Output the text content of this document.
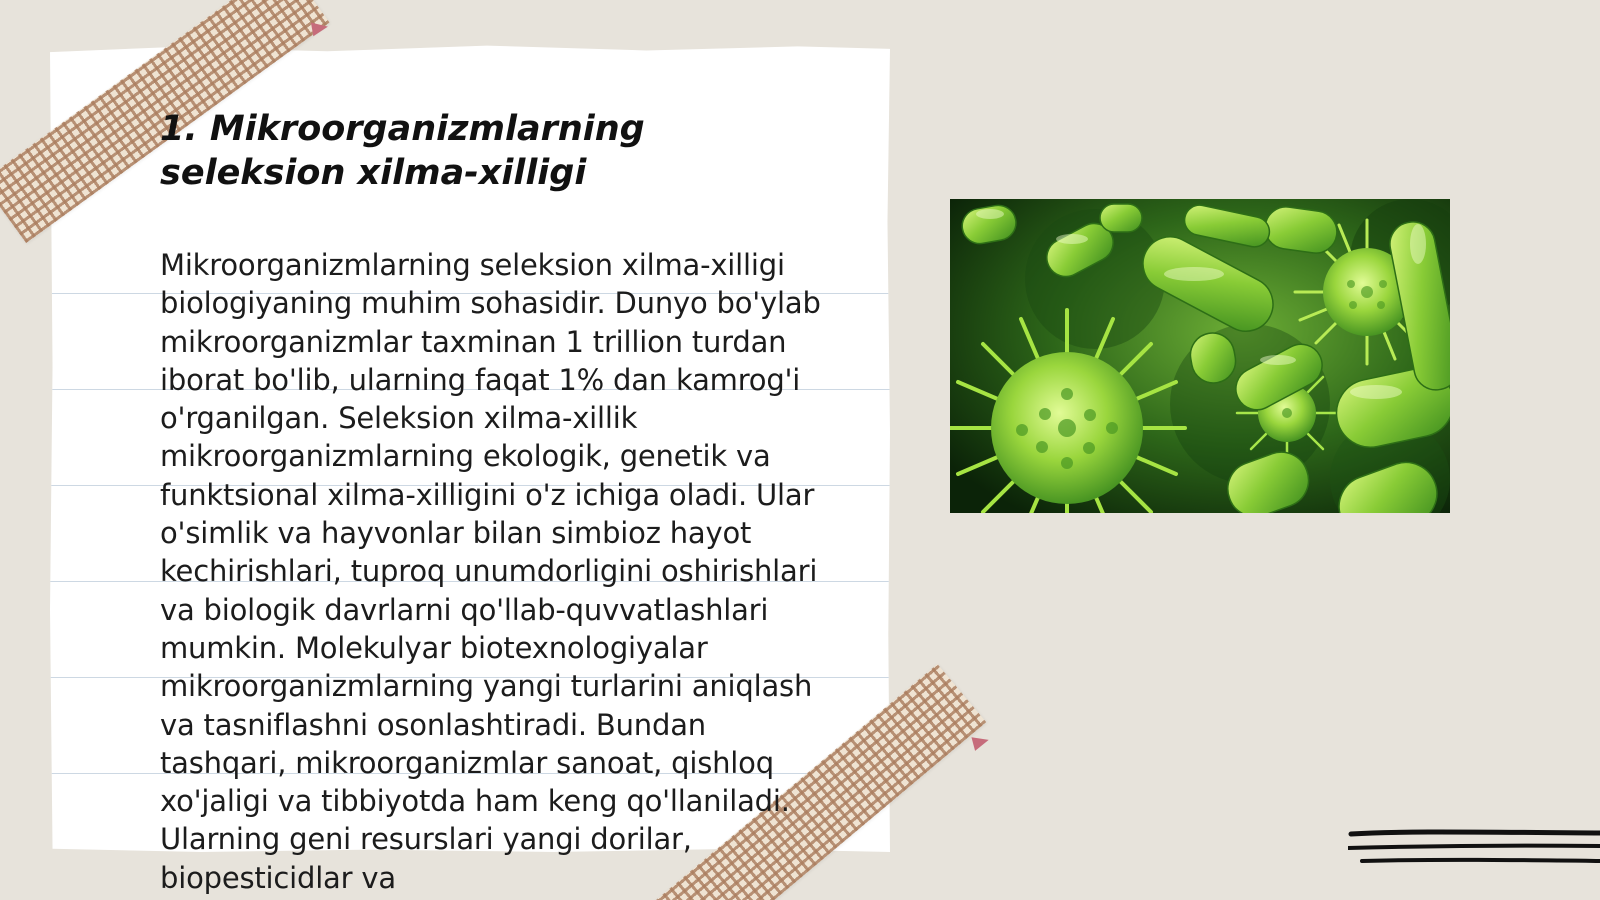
1. Mikroorganizmlarning seleksion xilma-xilligi

Mikroorganizmlarning seleksion xilma-xilligi biologiyaning muhim sohasidir. Dunyo bo'ylab mikroorganizmlar taxminan 1 trillion turdan iborat bo'lib, ularning faqat 1% dan kamrog'i o'rganilgan. Seleksion xilma-xillik mikroorganizmlarning ekologik, genetik va funktsional xilma-xilligini o'z ichiga oladi. Ular o'simlik va hayvonlar bilan simbioz hayot kechirishlari, tuproq unumdorligini oshirishlari va biologik davrlarni qo'llab-quvvatlashlari mumkin. Molekulyar biotexnologiyalar mikroorganizmlarning yangi turlarini aniqlash va tasniflashni osonlashtiradi. Bundan tashqari, mikroorganizmlar sanoat, qishloq xo'jaligi va tibbiyotda ham keng qo'llaniladi. Ularning geni resurslari yangi dorilar, biopesticidlar va
